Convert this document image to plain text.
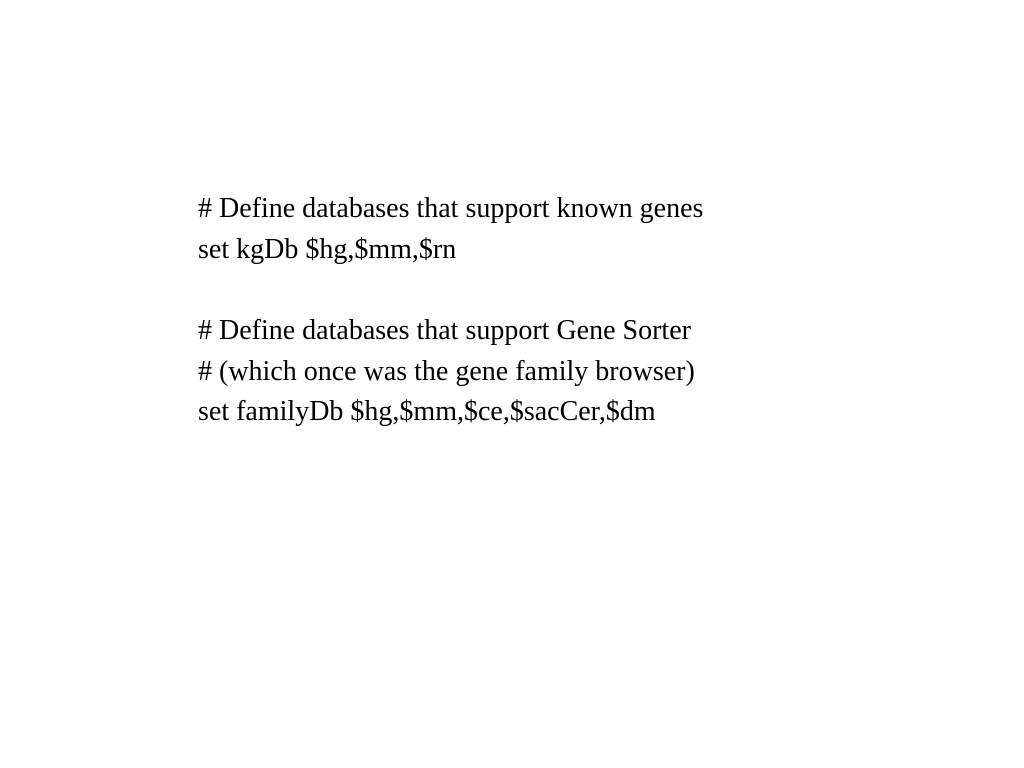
# Define databases that support known genes
set kgDb $hg,$mm,$rn
# Define databases that support Gene Sorter
# (which once was the gene family browser)
set familyDb $hg,$mm,$ce,$sacCer,$dm
